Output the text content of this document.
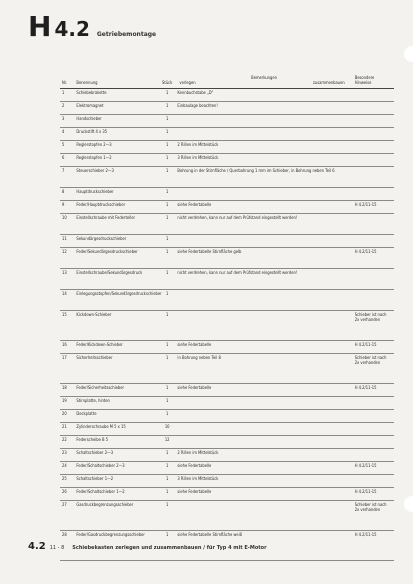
H 4.2 Getriebemontage
Nr.	Benennung	Stück	Bemerkungen
verlegen zusammenbauen	Besondere Hinweise
1	Schiebebrakette	1	Kennbuchstabe „D“	
2	Elektromagnet	1	Einbaulage beachten!	
3	Handschieber	1		
4	Druckstift 4 x 35	1		
5	Reglerstopfen 2—3	1	2 Rillen im Mittelstück	
6	Reglerstopfen 1—2	1	3 Rillen im Mittelstück	
7	Steuerschieber 2—3	1	Bohrung in der Stirnfläche / Querbohrung 1 mm im Schieber, in Bohrung neben Teil 6	
8	Hauptdruckschieber	1		
9	Feder/Hauptdruckschieber	1	siehe Federtabelle	H 4.2/11-15
10	Einstellschraube mit Federteller	1	nicht verdrehen, kann nur auf dem Prüfstand eingestellt werden!	
11	Sekundärgesdruckschieber	1		
12	Feder/Sekundärgesdruckschieber	1	siehe Federtabelle Stirnfläche gelb	H 4.2/11-15
13	Einstellschraube/Sekundärgesdruck	1	nicht verdrehen, kann nur auf dem Prüfstand eingestellt werden!	
14	Einlegungsstopfen/Sekundärgesdruckschieber	1		
15	Kickdown-Schieber	1		Schieber ist nach 2x verhanden
16	Feder/Kickdown-Schieber	1	siehe Federtabelle	H 4.2/11-15
17	Sicherheitsschieber	1	in Bohrung neben Teil 8	Schieber ist nach 2x verhanden
18	Feder/Sicherheitsschieber	1	siehe Federtabelle	H 4.2/11-15
19	Stirnplatte, hinten	1		
20	Deckplatte	1		
21	Zylinderschraube M 5 x 15	10		
22	Federscheibe B 5	12		
23	Schaltschieber 2—3	1	2 Rillen im Mittelstück	
24	Feder/Schaltschieber 2—3	1	siehe Federtabelle	H 4.2/11-15
25	Schaltschieber 1—2	1	3 Rillen im Mittelstück	
26	Feder/Schaltschieber 1—2	1	siehe Federtabelle	H 4.2/11-15
27	Gasdruckbegrenzungsschieber	1		Schieber ist nach 2x verhanden
28	Feder/Gasdruckbegrenzungsschieber	1	siehe Federtabelle Stirnfläche weiß	H 4.2/11-15
4.2 11 - 8 Schiebekasten zerlegen und zusammenbauen / für Typ 4 mit E-Motor
